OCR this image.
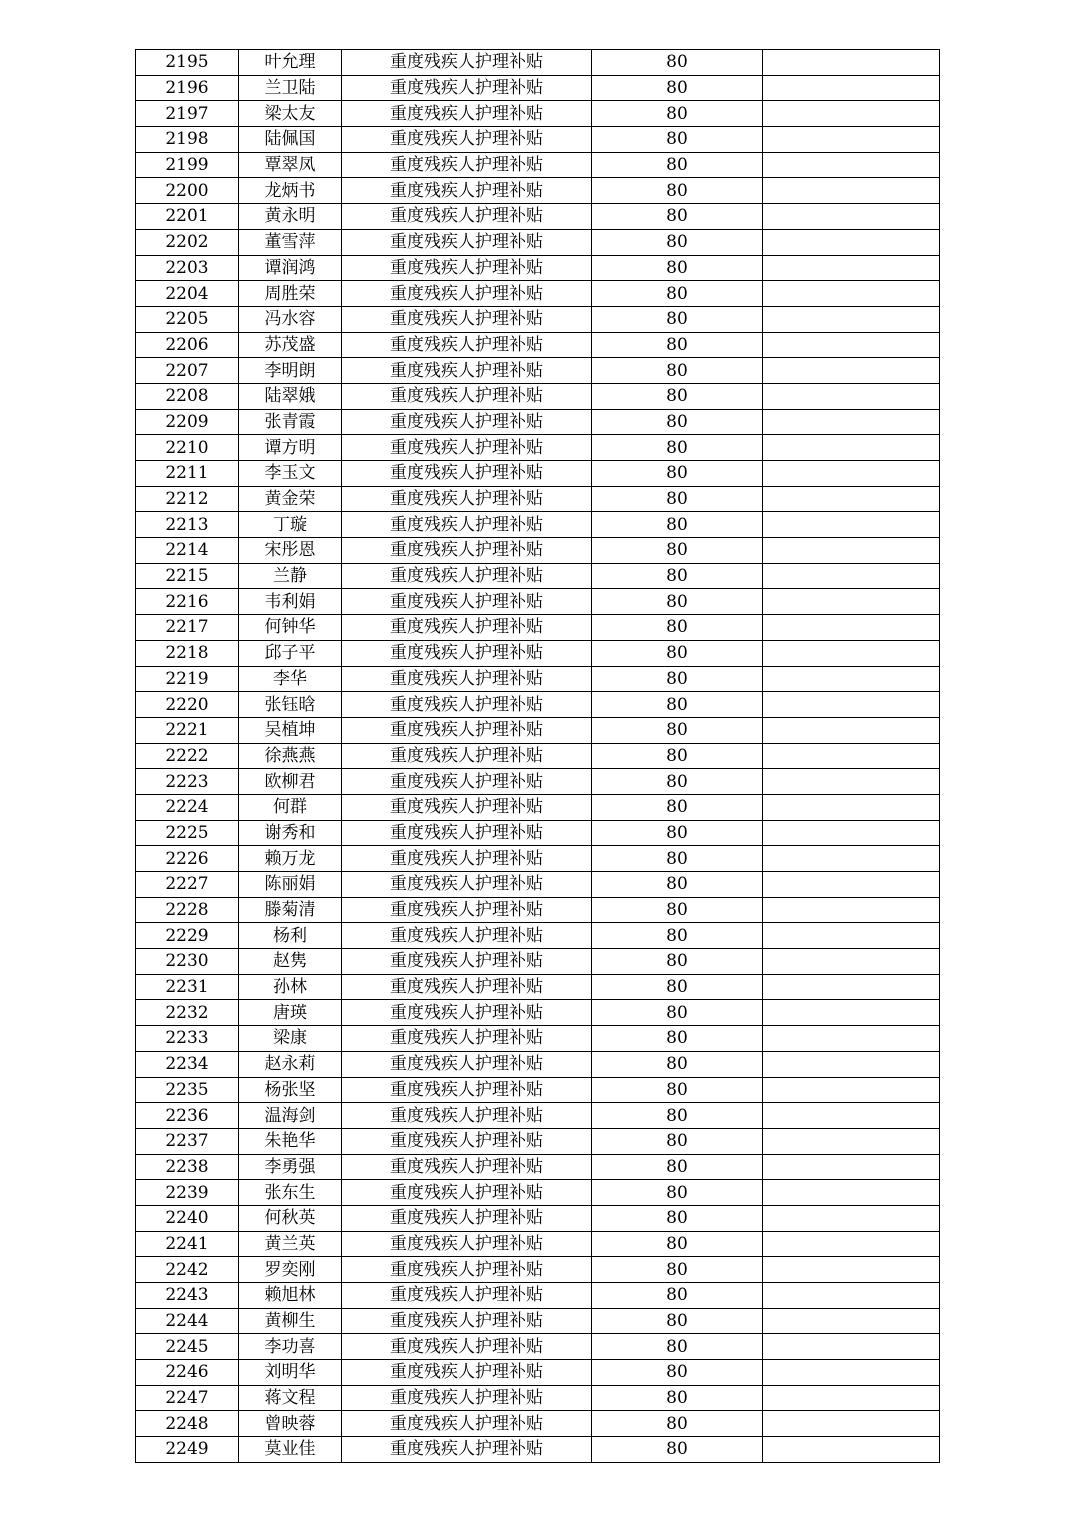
2195	叶允理	重度残疾人护理补贴	80	
2196	兰卫陆	重度残疾人护理补贴	80	
2197	梁太友	重度残疾人护理补贴	80	
2198	陆佩国	重度残疾人护理补贴	80	
2199	覃翠凤	重度残疾人护理补贴	80	
2200	龙炳书	重度残疾人护理补贴	80	
2201	黄永明	重度残疾人护理补贴	80	
2202	董雪萍	重度残疾人护理补贴	80	
2203	谭润鸿	重度残疾人护理补贴	80	
2204	周胜荣	重度残疾人护理补贴	80	
2205	冯水容	重度残疾人护理补贴	80	
2206	苏茂盛	重度残疾人护理补贴	80	
2207	李明朗	重度残疾人护理补贴	80	
2208	陆翠娥	重度残疾人护理补贴	80	
2209	张青霞	重度残疾人护理补贴	80	
2210	谭方明	重度残疾人护理补贴	80	
2211	李玉文	重度残疾人护理补贴	80	
2212	黄金荣	重度残疾人护理补贴	80	
2213	丁璇	重度残疾人护理补贴	80	
2214	宋彤恩	重度残疾人护理补贴	80	
2215	兰静	重度残疾人护理补贴	80	
2216	韦利娟	重度残疾人护理补贴	80	
2217	何钟华	重度残疾人护理补贴	80	
2218	邱子平	重度残疾人护理补贴	80	
2219	李华	重度残疾人护理补贴	80	
2220	张钰晗	重度残疾人护理补贴	80	
2221	吴植坤	重度残疾人护理补贴	80	
2222	徐燕燕	重度残疾人护理补贴	80	
2223	欧柳君	重度残疾人护理补贴	80	
2224	何群	重度残疾人护理补贴	80	
2225	谢秀和	重度残疾人护理补贴	80	
2226	赖万龙	重度残疾人护理补贴	80	
2227	陈丽娟	重度残疾人护理补贴	80	
2228	滕菊清	重度残疾人护理补贴	80	
2229	杨利	重度残疾人护理补贴	80	
2230	赵隽	重度残疾人护理补贴	80	
2231	孙林	重度残疾人护理补贴	80	
2232	唐瑛	重度残疾人护理补贴	80	
2233	梁康	重度残疾人护理补贴	80	
2234	赵永莉	重度残疾人护理补贴	80	
2235	杨张坚	重度残疾人护理补贴	80	
2236	温海剑	重度残疾人护理补贴	80	
2237	朱艳华	重度残疾人护理补贴	80	
2238	李勇强	重度残疾人护理补贴	80	
2239	张东生	重度残疾人护理补贴	80	
2240	何秋英	重度残疾人护理补贴	80	
2241	黄兰英	重度残疾人护理补贴	80	
2242	罗奕刚	重度残疾人护理补贴	80	
2243	赖旭林	重度残疾人护理补贴	80	
2244	黄柳生	重度残疾人护理补贴	80	
2245	李功喜	重度残疾人护理补贴	80	
2246	刘明华	重度残疾人护理补贴	80	
2247	蒋文程	重度残疾人护理补贴	80	
2248	曾映蓉	重度残疾人护理补贴	80	
2249	莫业佳	重度残疾人护理补贴	80	
